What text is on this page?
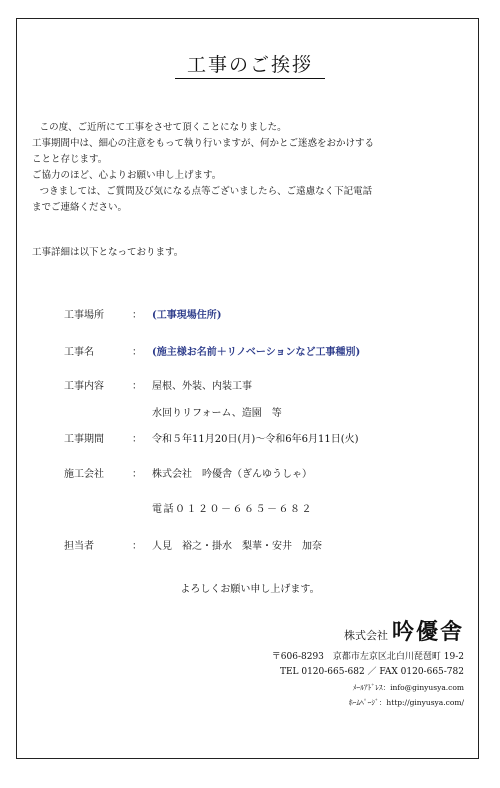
工事のご挨拶

この度、ご近所にて工事をさせて頂くことになりました。

工事期間中は、細心の注意をもって執り行いますが、何かとご迷惑をおかけする

ことと存じます。

ご協力のほど、心よりお願い申し上げます。

つきましては、ご質問及び気になる点等ございましたら、ご遠慮なく下記電話

までご連絡ください。

工事詳細は以下となっております。
工事場所	： (工事現場住所)
工事名	： (施主様お名前＋リノベーションなど工事種別)
工事内容	： 屋根、外装、内装工事
水回りリフォーム、造園　等
工事期間	： 令和５年11月20日(月)〜令和6年6月11日(火)
施工会社	： 株式会社　吟優舎（ぎんゆうしゃ）
電話０１２０－６６５－６８２
担当者	： 人見　裕之・掛水　梨華・安井　加奈
よろしくお願い申し上げます。
株式会社 吟優舎
〒606-8293　京都市左京区北白川琵琶町 19-2
TEL 0120-665-682 ／ FAX 0120-665-782
ﾒｰﾙｱﾄﾞﾚｽ：info@ginyusya.com
ﾎｰﾑﾍﾟｰｼﾞ：http://ginyusya.com/
